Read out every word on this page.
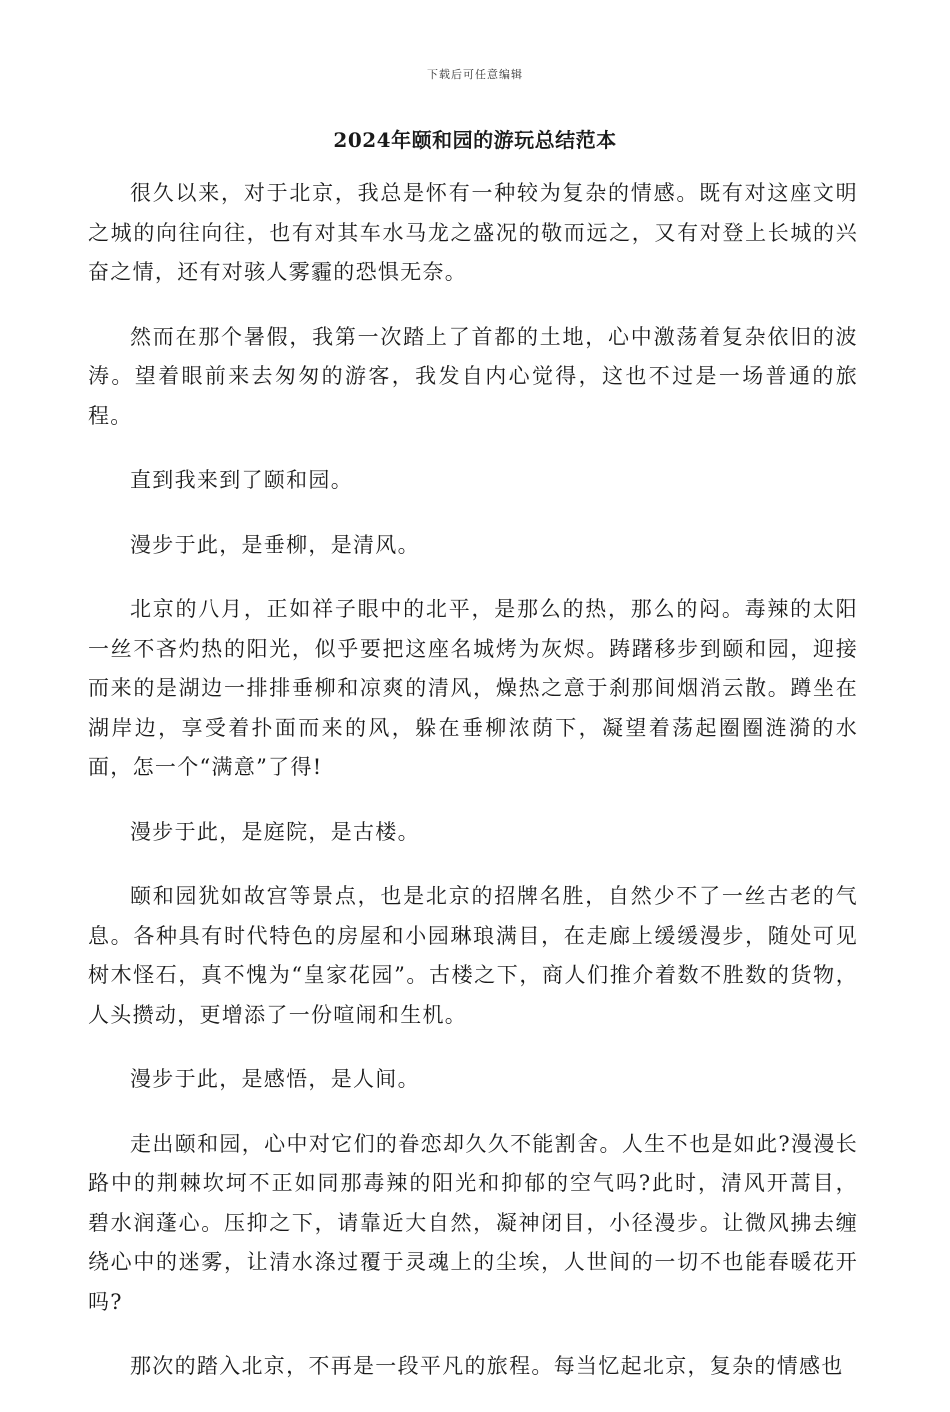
下载后可任意编辑
2024年颐和园的游玩总结范本

很久以来，对于北京，我总是怀有一种较为复杂的情感。既有对这座文明之城的向往向往，也有对其车水马龙之盛况的敬而远之，又有对登上长城的兴奋之情，还有对骇人雾霾的恐惧无奈。

然而在那个暑假，我第一次踏上了首都的土地，心中激荡着复杂依旧的波涛。望着眼前来去匆匆的游客，我发自内心觉得，这也不过是一场普通的旅程。

直到我来到了颐和园。

漫步于此，是垂柳，是清风。

北京的八月，正如祥子眼中的北平，是那么的热，那么的闷。毒辣的太阳一丝不吝灼热的阳光，似乎要把这座名城烤为灰烬。踌躇移步到颐和园，迎接而来的是湖边一排排垂柳和凉爽的清风，燥热之意于刹那间烟消云散。蹲坐在湖岸边，享受着扑面而来的风，躲在垂柳浓荫下，凝望着荡起圈圈涟漪的水面，怎一个“满意”了得!

漫步于此，是庭院，是古楼。

颐和园犹如故宫等景点，也是北京的招牌名胜，自然少不了一丝古老的气息。各种具有时代特色的房屋和小园琳琅满目，在走廊上缓缓漫步，随处可见树木怪石，真不愧为“皇家花园”。古楼之下，商人们推介着数不胜数的货物，人头攒动，更增添了一份喧闹和生机。

漫步于此，是感悟，是人间。

走出颐和园，心中对它们的眷恋却久久不能割舍。人生不也是如此?漫漫长路中的荆棘坎坷不正如同那毒辣的阳光和抑郁的空气吗?此时，清风开蒿目，碧水润蓬心。压抑之下，请靠近大自然，凝神闭目，小径漫步。让微风拂去缠绕心中的迷雾，让清水涤过覆于灵魂上的尘埃，人世间的一切不也能春暖花开吗?

那次的踏入北京，不再是一段平凡的旅程。每当忆起北京，复杂的情感也
